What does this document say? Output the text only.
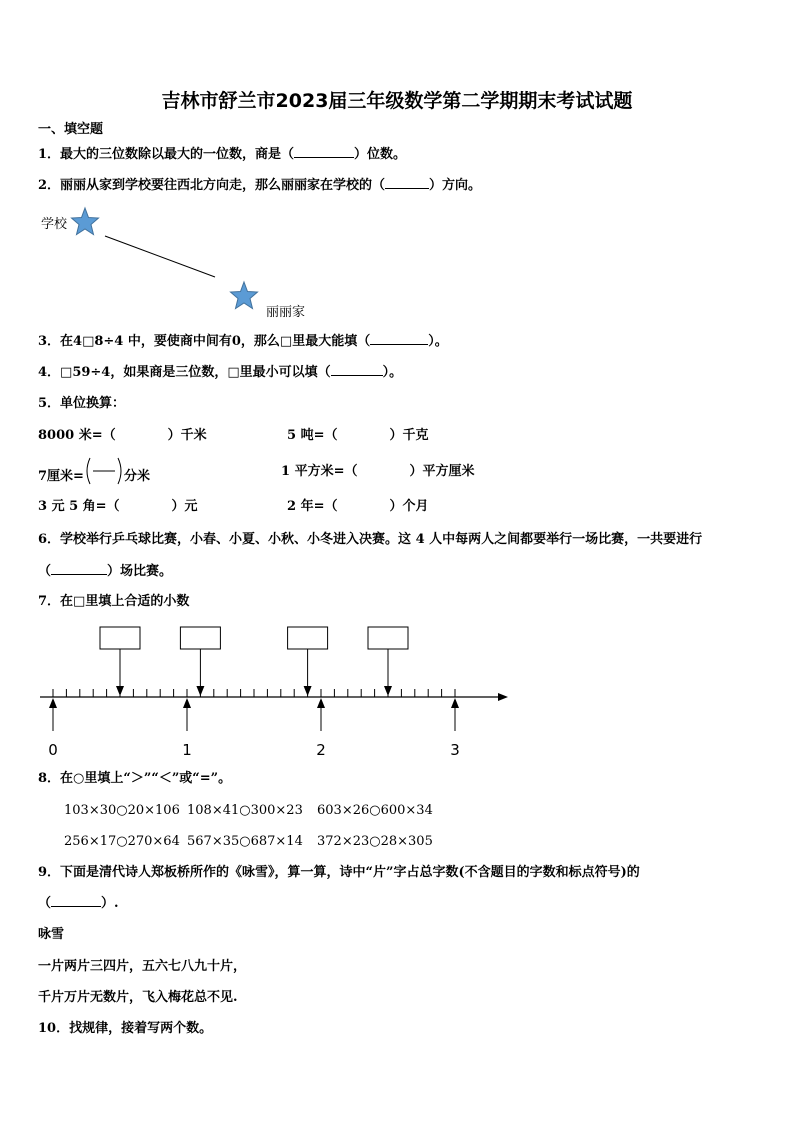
吉林市舒兰市2023届三年级数学第二学期期末考试试题
一、填空题
1．最大的三位数除以最大的一位数，商是（	）位数。
2．丽丽从家到学校要往西北方向走，那么丽丽家在学校的（	）方向。
学校
丽丽家
3．在4□8÷4 中，要使商中间有0，那么□里最大能填（	）。
4．□59÷4，如果商是三位数，□里最小可以填（	）。
5．单位换算：
8000 米=（　　　　）千米	5 吨=（　　　　）千克
7厘米=	分米	1 平方米=（　　　　）平方厘米
3 元 5 角=（　　　　）元	2 年=（　　　　）个月
6．学校举行乒乓球比赛，小春、小夏、小秋、小冬进入决赛。这 4 人中每两人之间都要举行一场比赛，一共要进行
（	）场比赛。
7．在□里填上合适的小数
0	1	2	3
8．在○里填上“＞”“＜”或“=”。
103×30○20×106 108×41○300×23 603×26○600×34
256×17○270×64 567×35○687×14 372×23○28×305
9．下面是清代诗人郑板桥所作的《咏雪》，算一算，诗中“片”字占总字数(不含题目的字数和标点符号)的
（	）.
咏雪
一片两片三四片，五六七八九十片，
千片万片无数片，飞入梅花总不见.
10．找规律，接着写两个数。
